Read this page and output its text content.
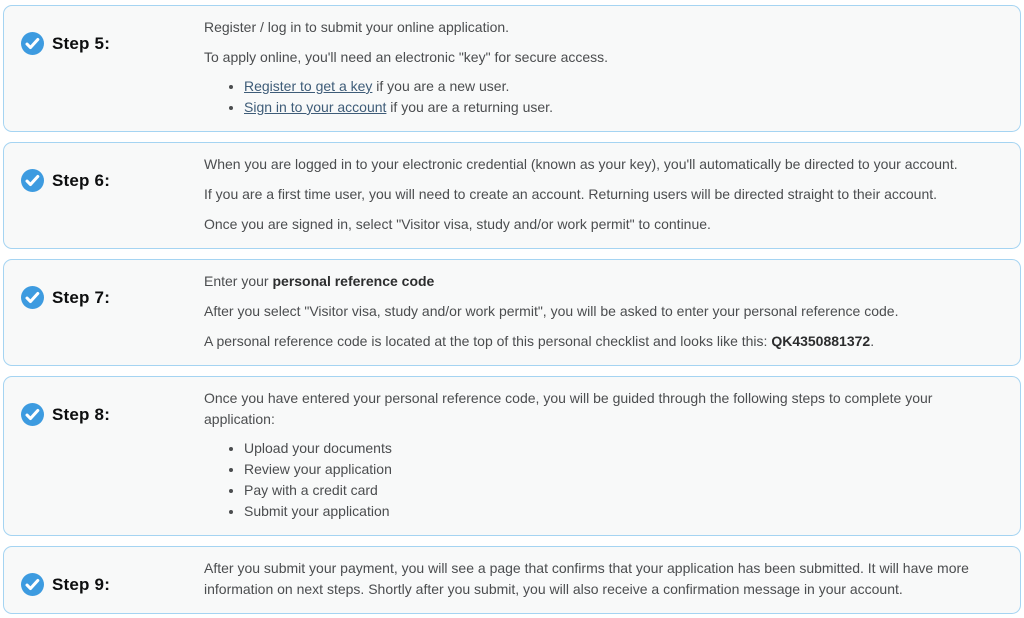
Step 5:

Register / log in to submit your online application.

To apply online, you'll need an electronic "key" for secure access.

• Register to get a key if you are a new user.
• Sign in to your account if you are a returning user.
Step 6:

When you are logged in to your electronic credential (known as your key), you'll automatically be directed to your account.

If you are a first time user, you will need to create an account. Returning users will be directed straight to their account.

Once you are signed in, select "Visitor visa, study and/or work permit" to continue.

Step 7:

Enter your personal reference code

After you select "Visitor visa, study and/or work permit", you will be asked to enter your personal reference code.

A personal reference code is located at the top of this personal checklist and looks like this: QK4350881372.

Step 8:

Once you have entered your personal reference code, you will be guided through the following steps to complete your application:

• Upload your documents
• Review your application
• Pay with a credit card
• Submit your application
Step 9:

After you submit your payment, you will see a page that confirms that your application has been submitted. It will have more information on next steps. Shortly after you submit, you will also receive a confirmation message in your account.
